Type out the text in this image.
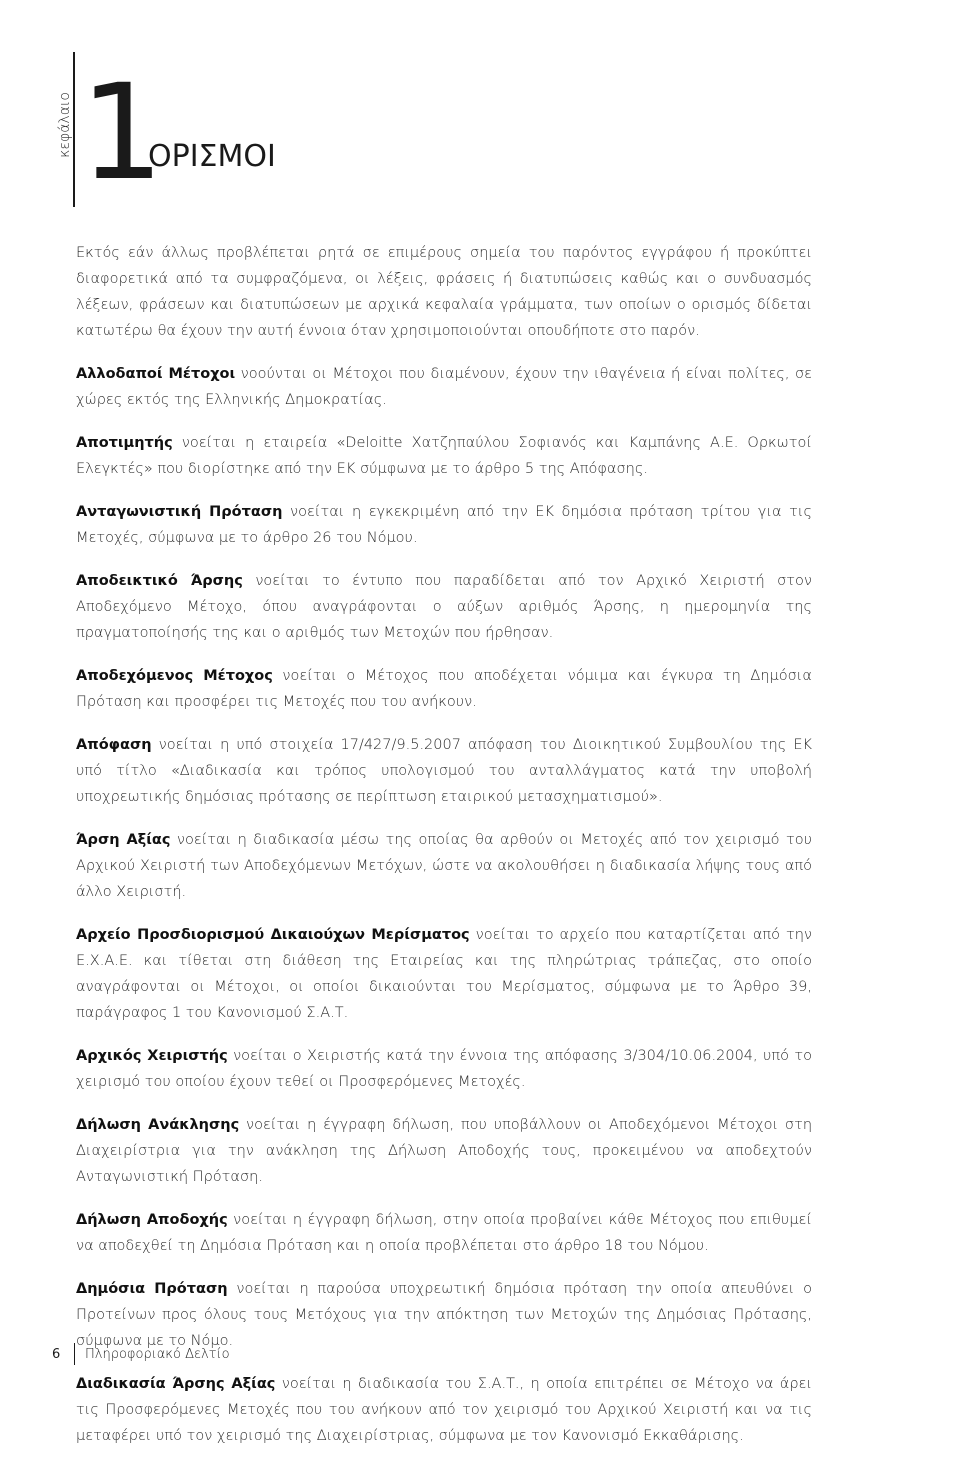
κεφάλαιο 1
ΟΡΙΣΜΟΙ

Εκτός εάν άλλως προβλέπεται ρητά σε επιμέρους σημεία του παρόντος εγγράφου ή προκύπτει διαφορετικά από τα συμφραζόμενα, οι λέξεις, φράσεις ή διατυπώσεις καθώς και ο συνδυασμός λέξεων, φράσεων και διατυπώσεων με αρχικά κεφαλαία γράμματα, των οποίων ο ορισμός δίδεται κατωτέρω θα έχουν την αυτή έννοια όταν χρησιμοποιούνται οπουδήποτε στο παρόν.

Αλλοδαποί Μέτοχοι νοούνται οι Μέτοχοι που διαμένουν, έχουν την ιθαγένεια ή είναι πολίτες, σε χώρες εκτός της Ελληνικής Δημοκρατίας.

Αποτιμητής νοείται η εταιρεία «Deloitte Χατζηπαύλου Σοφιανός και Καμπάνης Α.Ε. Ορκωτοί Ελεγκτές» που διορίστηκε από την ΕΚ σύμφωνα με το άρθρο 5 της Απόφασης.

Ανταγωνιστική Πρόταση νοείται η εγκεκριμένη από την ΕΚ δημόσια πρόταση τρίτου για τις Μετοχές, σύμφωνα με το άρθρο 26 του Νόμου.

Αποδεικτικό Άρσης νοείται το έντυπο που παραδίδεται από τον Αρχικό Χειριστή στον Αποδεχόμενο Μέτοχο, όπου αναγράφονται ο αύξων αριθμός Άρσης, η ημερομηνία της πραγματοποίησής της και ο αριθμός των Μετοχών που ήρθησαν.

Αποδεχόμενος Μέτοχος νοείται ο Μέτοχος που αποδέχεται νόμιμα και έγκυρα τη Δημόσια Πρόταση και προσφέρει τις Μετοχές που του ανήκουν.

Απόφαση νοείται η υπό στοιχεία 17/427/9.5.2007 απόφαση του Διοικητικού Συμβουλίου της ΕΚ υπό τίτλο «Διαδικασία και τρόπος υπολογισμού του ανταλλάγματος κατά την υποβολή υποχρεωτικής δημόσιας πρότασης σε περίπτωση εταιρικού μετασχηματισμού».

Άρση Αξίας νοείται η διαδικασία μέσω της οποίας θα αρθούν οι Μετοχές από τον χειρισμό του Αρχικού Χειριστή των Αποδεχόμενων Μετόχων, ώστε να ακολουθήσει η διαδικασία λήψης τους από άλλο Χειριστή.

Αρχείο Προσδιορισμού Δικαιούχων Μερίσματος νοείται το αρχείο που καταρτίζεται από την Ε.Χ.Α.Ε. και τίθεται στη διάθεση της Εταιρείας και της πληρώτριας τράπεζας, στο οποίο αναγράφονται οι Μέτοχοι, οι οποίοι δικαιούνται του Μερίσματος, σύμφωνα με το Άρθρο 39, παράγραφος 1 του Κανονισμού Σ.Α.Τ.

Αρχικός Χειριστής νοείται ο Χειριστής κατά την έννοια της απόφασης 3/304/10.06.2004, υπό το χειρισμό του οποίου έχουν τεθεί οι Προσφερόμενες Μετοχές.

Δήλωση Ανάκλησης νοείται η έγγραφη δήλωση, που υποβάλλουν οι Αποδεχόμενοι Μέτοχοι στη Διαχειρίστρια για την ανάκληση της Δήλωση Αποδοχής τους, προκειμένου να αποδεχτούν Ανταγωνιστική Πρόταση.

Δήλωση Αποδοχής νοείται η έγγραφη δήλωση, στην οποία προβαίνει κάθε Μέτοχος που επιθυμεί να αποδεχθεί τη Δημόσια Πρόταση και η οποία προβλέπεται στο άρθρο 18 του Νόμου.

Δημόσια Πρόταση νοείται η παρούσα υποχρεωτική δημόσια πρόταση την οποία απευθύνει ο Προτείνων προς όλους τους Μετόχους για την απόκτηση των Μετοχών της Δημόσιας Πρότασης, σύμφωνα με το Νόμο.

Διαδικασία Άρσης Αξίας νοείται η διαδικασία του Σ.Α.Τ., η οποία επιτρέπει σε Μέτοχο να άρει τις Προσφερόμενες Μετοχές που του ανήκουν από τον χειρισμό του Αρχικού Χειριστή και να τις μεταφέρει υπό τον χειρισμό της Διαχειρίστριας, σύμφωνα με τον Κανονισμό Εκκαθάρισης.

6	Πληροφοριακό Δελτίο
